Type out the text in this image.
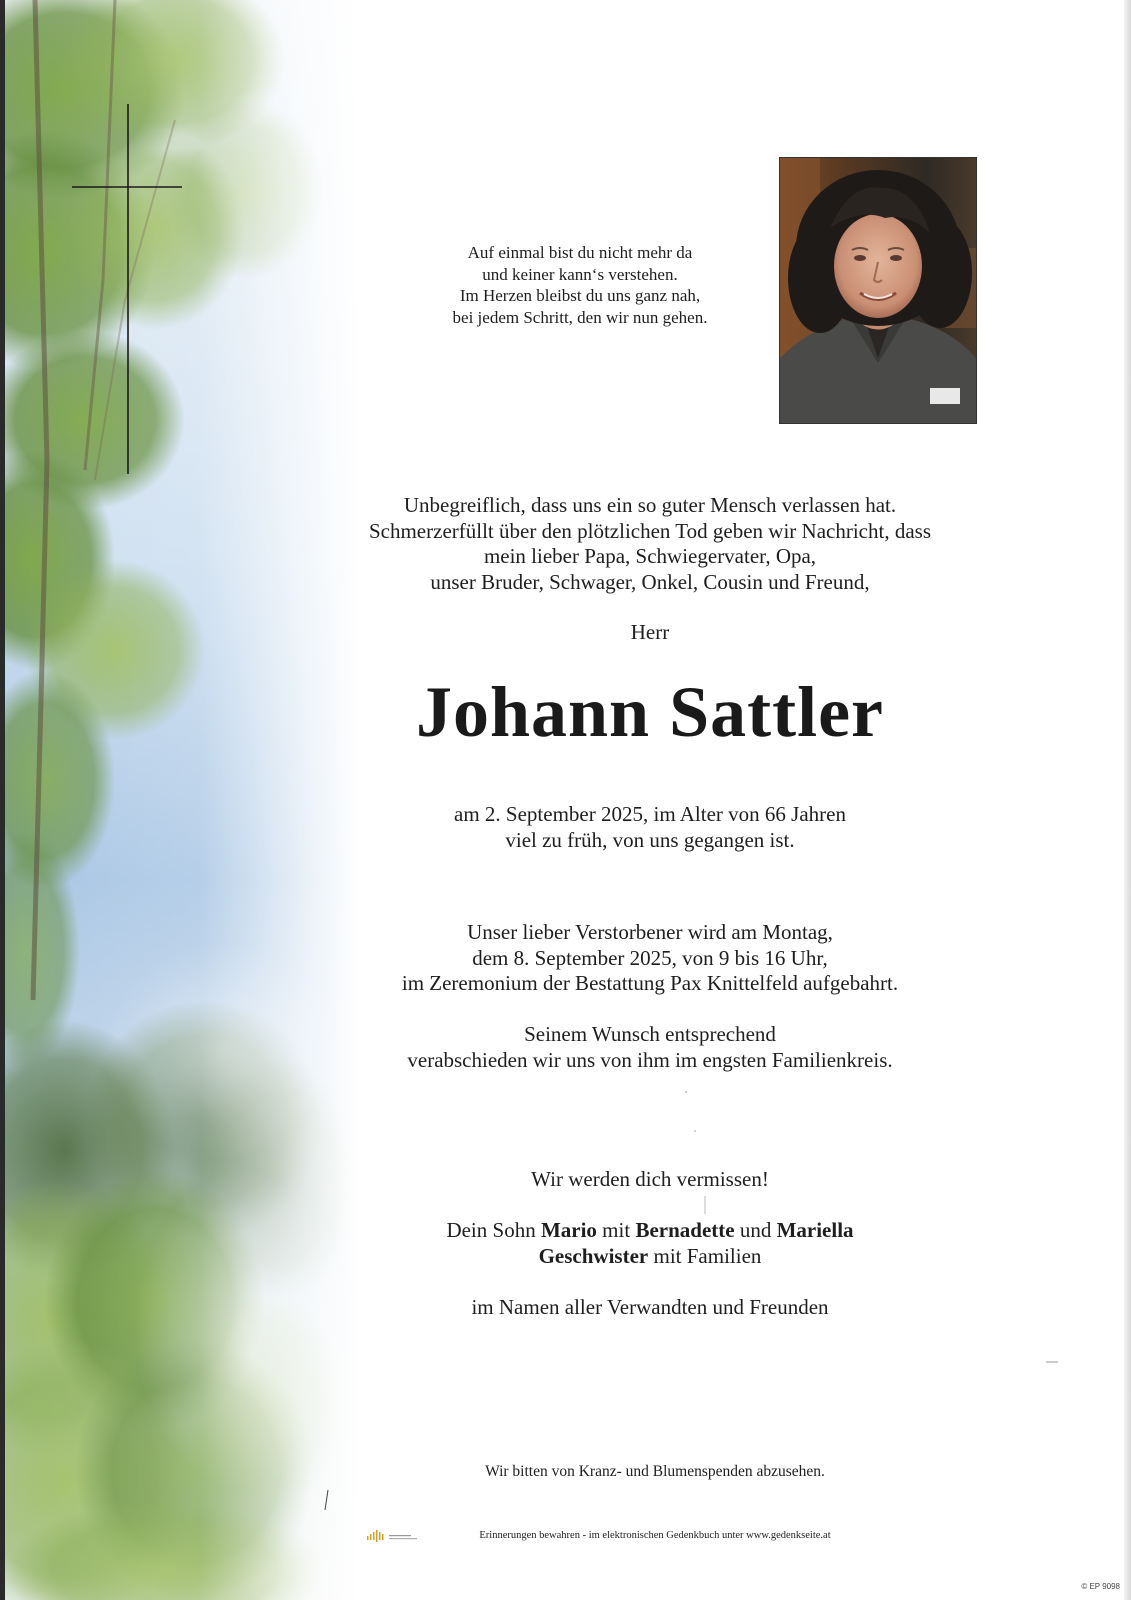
Auf einmal bist du nicht mehr da
und keiner kann‘s verstehen.
Im Herzen bleibst du uns ganz nah,
bei jedem Schritt, den wir nun gehen.
Unbegreiflich, dass uns ein so guter Mensch verlassen hat.
Schmerzerfüllt über den plötzlichen Tod geben wir Nachricht, dass
mein lieber Papa, Schwiegervater, Opa,
unser Bruder, Schwager, Onkel, Cousin und Freund,
Herr
Johann Sattler
am 2. September 2025, im Alter von 66 Jahren
viel zu früh, von uns gegangen ist.
Unser lieber Verstorbener wird am Montag,
dem 8. September 2025, von 9 bis 16 Uhr,
im Zeremonium der Bestattung Pax Knittelfeld aufgebahrt.
Seinem Wunsch entsprechend
verabschieden wir uns von ihm im engsten Familienkreis.
Wir werden dich vermissen!
Dein Sohn Mario mit Bernadette und Mariella
Geschwister mit Familien
im Namen aller Verwandten und Freunden
Wir bitten von Kranz- und Blumenspenden abzusehen.
Erinnerungen bewahren - im elektronischen Gedenkbuch unter www.gedenkseite.at
© EP 9098
